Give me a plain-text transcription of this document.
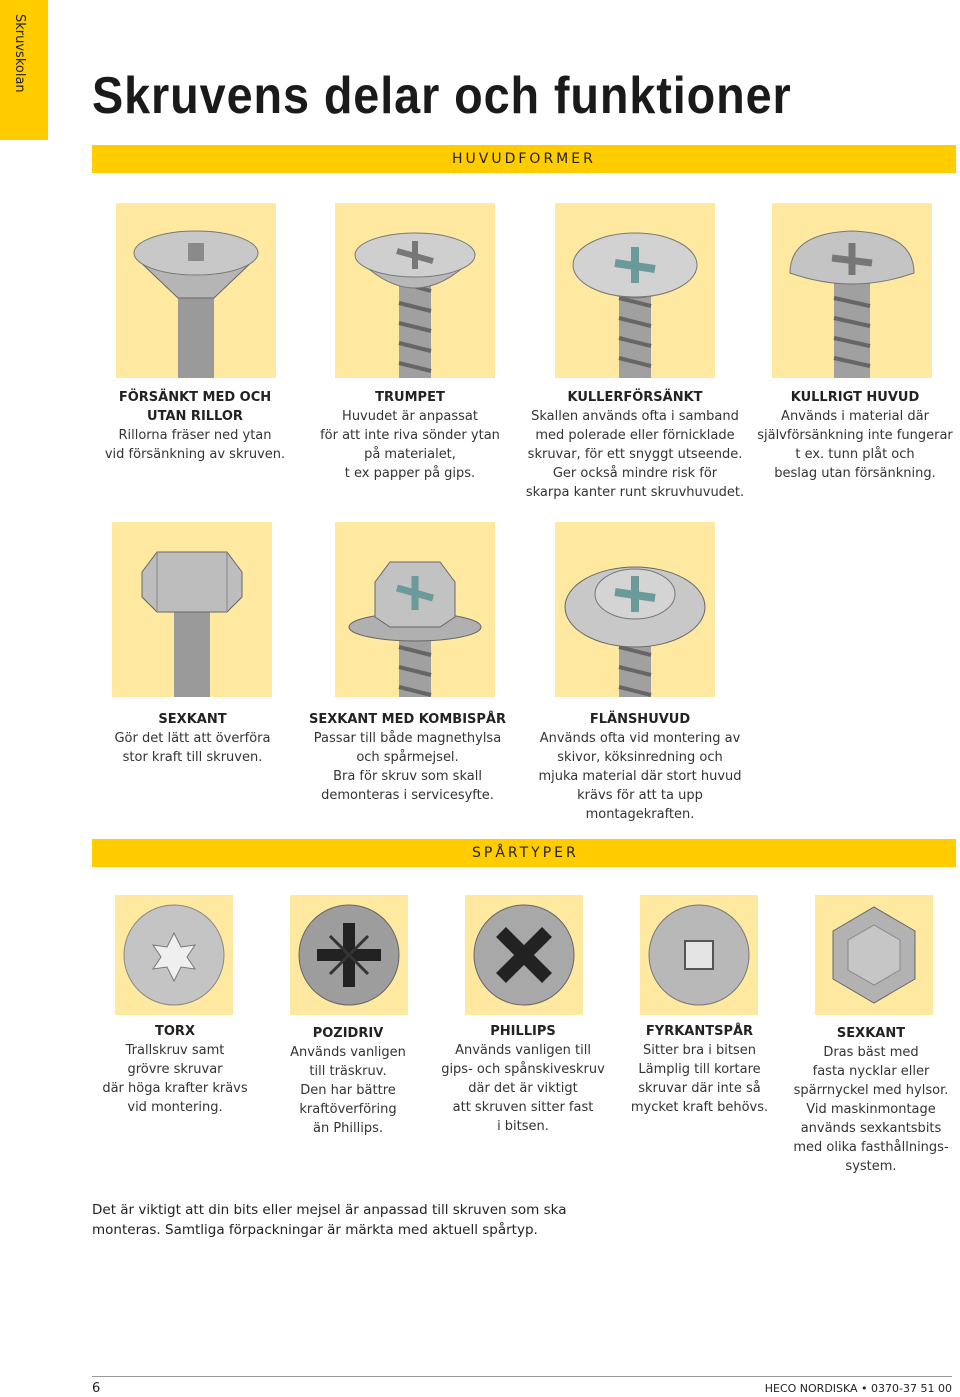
Skruvskolan
Skruvens delar och funktioner
HUVUDFORMER
FÖRSÄNKT MED OCH
UTAN RILLOR
Rillorna fräser ned ytan
vid försänkning av skruven.
TRUMPET
Huvudet är anpassat
för att inte riva sönder ytan
på materialet,
t ex papper på gips.
KULLERFÖRSÄNKT
Skallen används ofta i samband
med polerade eller förnicklade
skruvar, för ett snyggt utseende.
Ger också mindre risk för
skarpa kanter runt skruvhuvudet.
KULLRIGT HUVUD
Används i material där
självförsänkning inte fungerar
t ex. tunn plåt och
beslag utan försänkning.
SEXKANT
Gör det lätt att överföra
stor kraft till skruven.
SEXKANT MED KOMBISPÅR
Passar till både magnethylsa
och spårmejsel.
Bra för skruv som skall
demonteras i servicesyfte.
FLÄNSHUVUD
Används ofta vid montering av
skivor, köksinredning och
mjuka material där stort huvud
krävs för att ta upp
montagekraften.
SPÅRTYPER
TORX
Trallskruv samt
grövre skruvar
där höga krafter krävs
vid montering.
POZIDRIV
Används vanligen
till träskruv.
Den har bättre
kraftöverföring
än Phillips.
PHILLIPS
Används vanligen till
gips- och spånskiveskruv
där det är viktigt
att skruven sitter fast
i bitsen.
FYRKANTSPÅR
Sitter bra i bitsen
Lämplig till kortare
skruvar där inte så
mycket kraft behövs.
SEXKANT
Dras bäst med
fasta nycklar eller
spärrnyckel med hylsor.
Vid maskinmontage
används sexkantsbits
med olika fasthållnings-
system.
Det är viktigt att din bits eller mejsel är anpassad till skruven som ska
monteras. Samtliga förpackningar är märkta med aktuell spårtyp.
6	HECO NORDISKA • 0370-37 51 00
